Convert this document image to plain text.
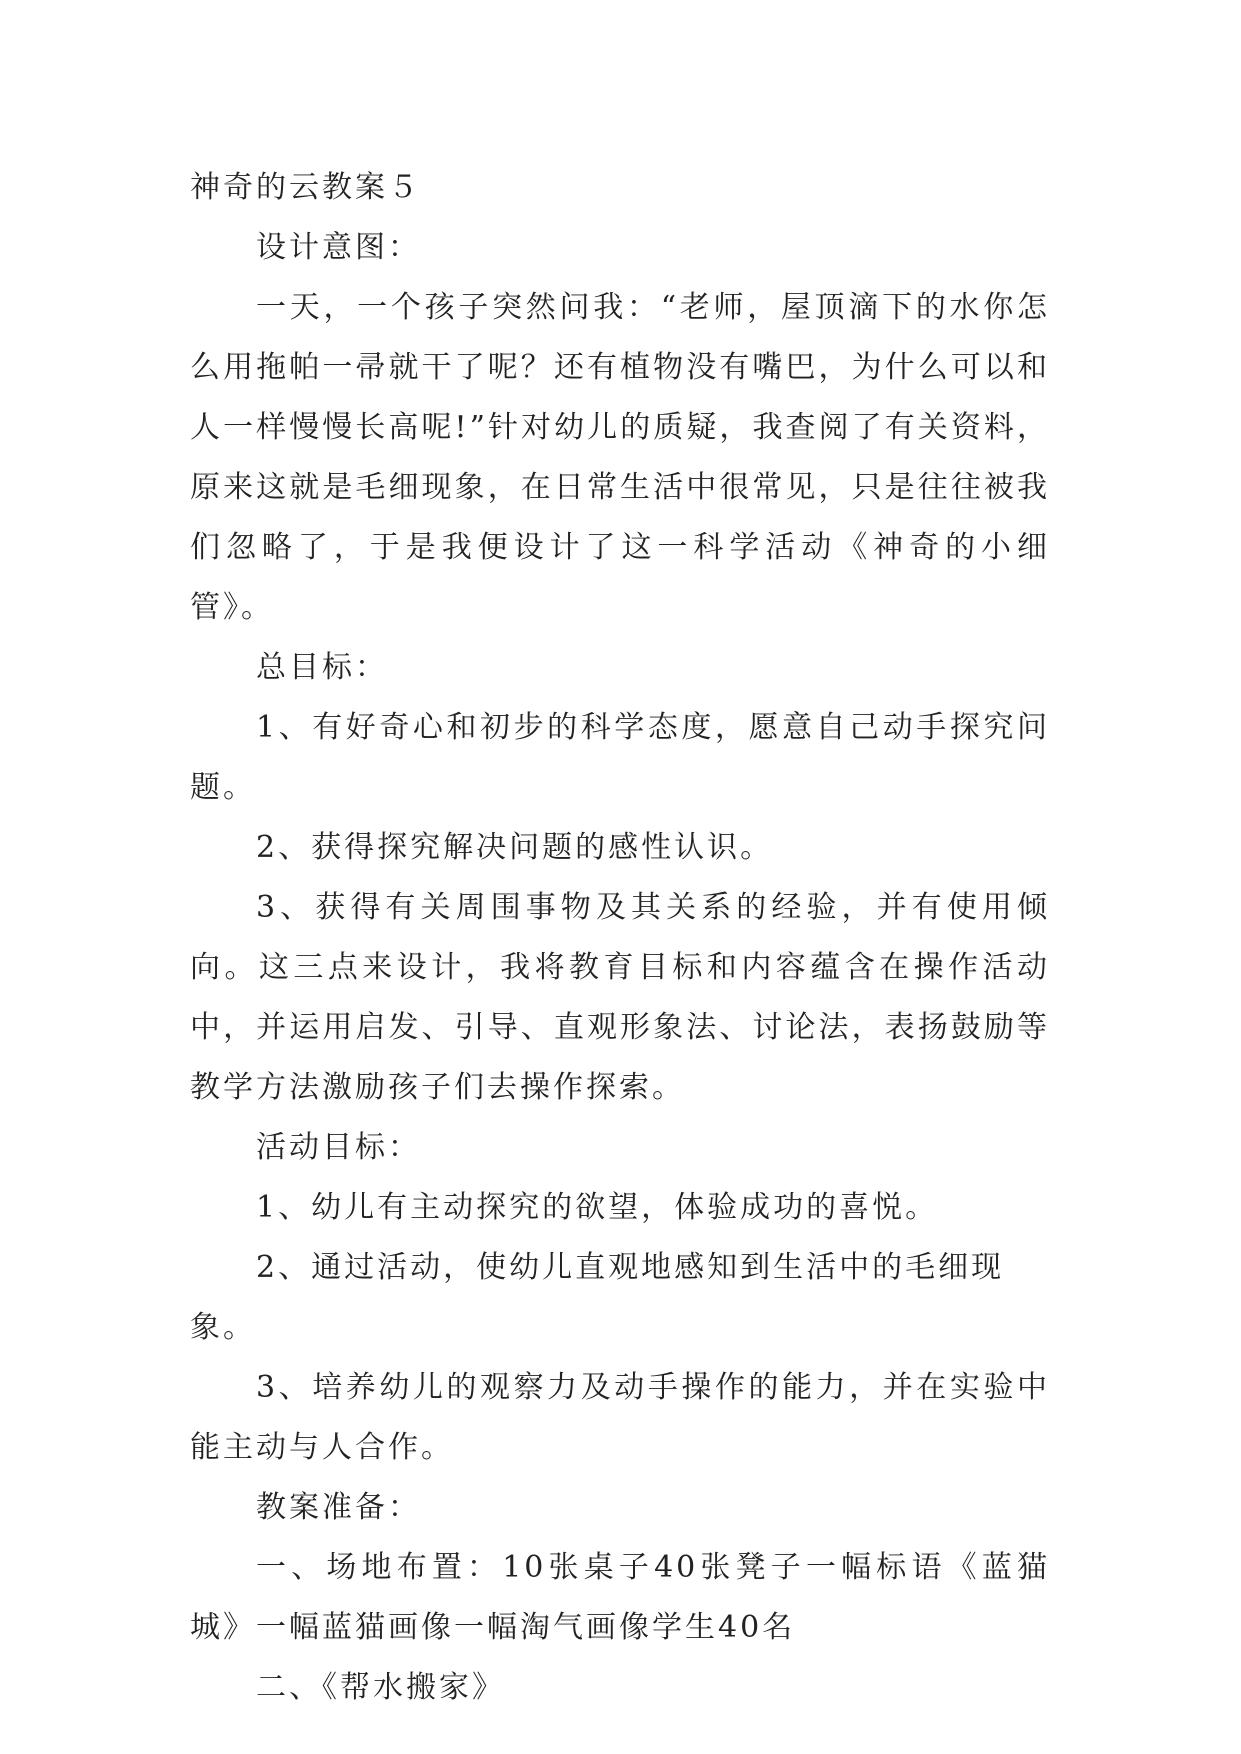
神奇的云教案５

设计意图：

一天，一个孩子突然问我：“老师，屋顶滴下的水你怎么用拖帕一帚就干了呢？还有植物没有嘴巴，为什么可以和人一样慢慢长高呢!”针对幼儿的质疑，我查阅了有关资料，原来这就是毛细现象，在日常生活中很常见，只是往往被我们忽略了，于是我便设计了这一科学活动《神奇的小细管》。

总目标：

1、有好奇心和初步的科学态度，愿意自己动手探究问题。

2、获得探究解决问题的感性认识。

3、获得有关周围事物及其关系的经验，并有使用倾向。这三点来设计，我将教育目标和内容蕴含在操作活动中，并运用启发、引导、直观形象法、讨论法，表扬鼓励等教学方法激励孩子们去操作探索。

活动目标：

1、幼儿有主动探究的欲望，体验成功的喜悦。

2、通过活动，使幼儿直观地感知到生活中的毛细现象。

3、培养幼儿的观察力及动手操作的能力，并在实验中能主动与人合作。

教案准备：

一、场地布置：10张桌子40张凳子一幅标语《蓝猫城》一幅蓝猫画像一幅淘气画像学生40名

二、《帮水搬家》
